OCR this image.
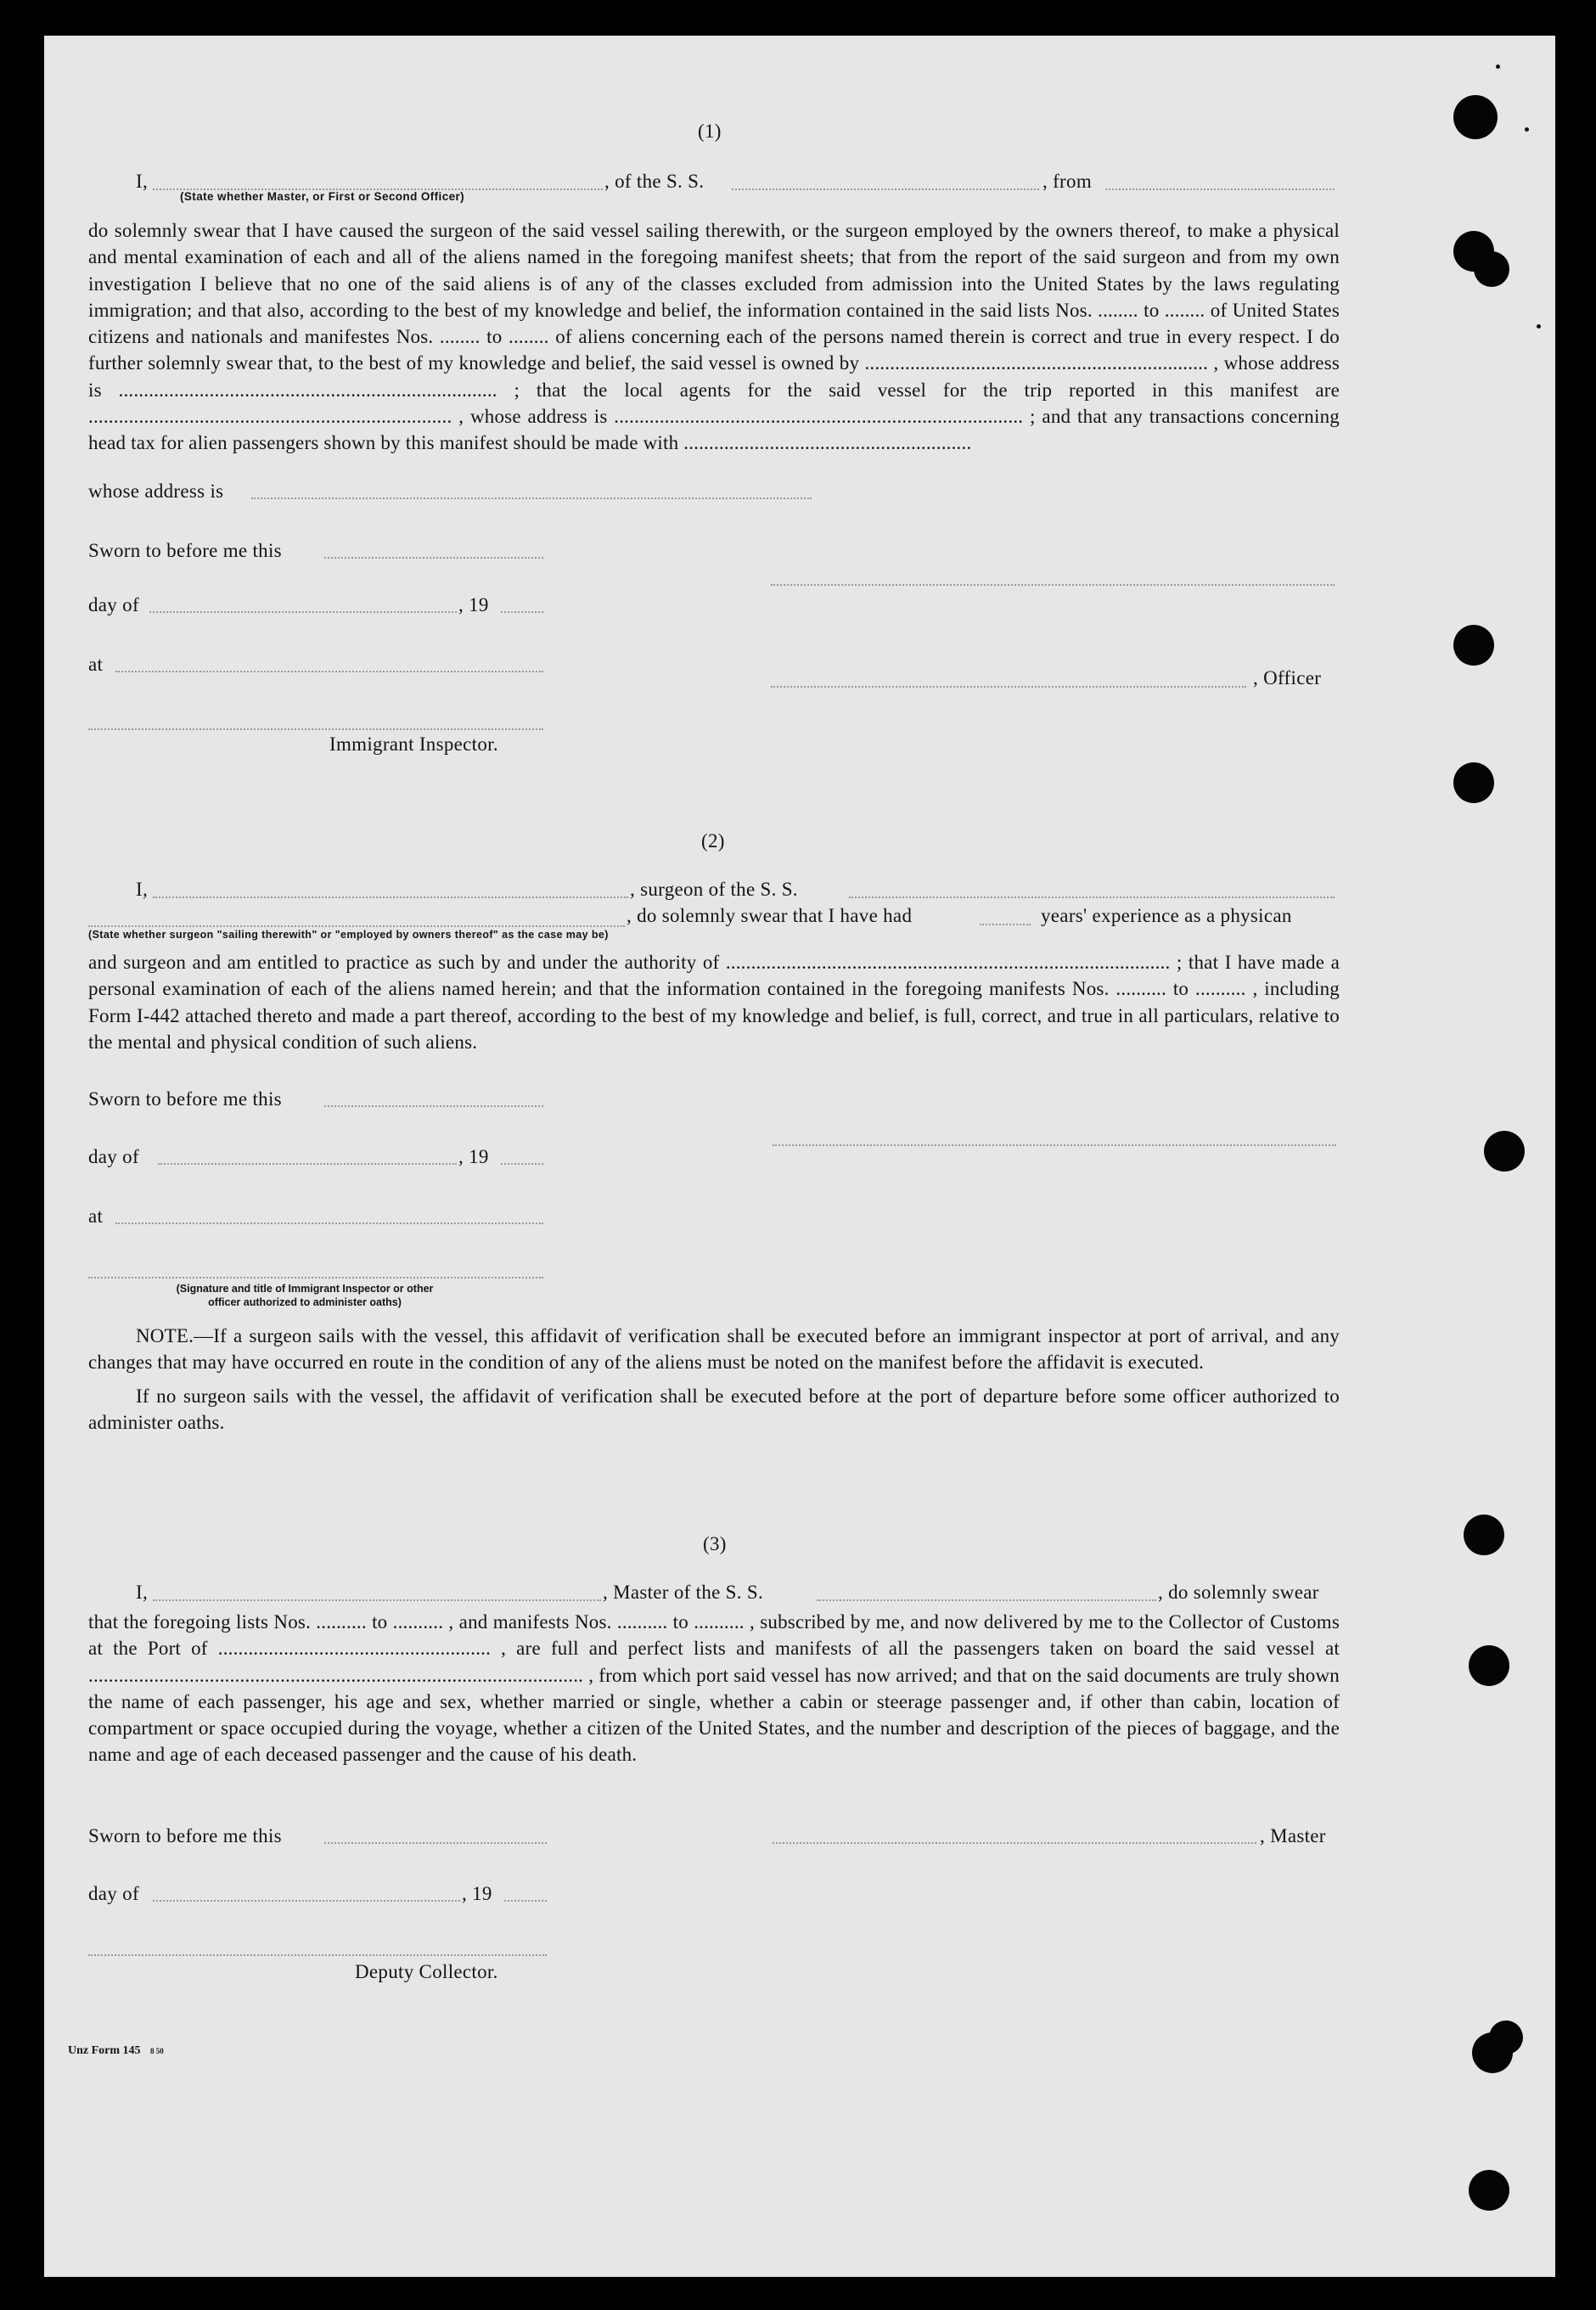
(1)
I,
(State whether Master, or First or Second Officer)
, of the S. S.	, from

do solemnly swear that I have caused the surgeon of the said vessel sailing therewith, or the surgeon employed by the owners thereof, to make a physical and mental examination of each and all of the aliens named in the foregoing manifest sheets; that from the report of the said surgeon and from my own investigation I believe that no one of the said aliens is of any of the classes excluded from admission into the United States by the laws regulating immigration; and that also, according to the best of my knowledge and belief, the information contained in the said lists Nos. ........ to ........ of United States citizens and nationals and manifestes Nos. ........ to ........ of aliens concerning each of the persons named therein is correct and true in every respect. I do further solemnly swear that, to the best of my knowledge and belief, the said vessel is owned by .................................................................... , whose address is ........................................................................... ; that the local agents for the said vessel for the trip reported in this manifest are ........................................................................ , whose address is ................................................................................. ; and that any transactions concerning head tax for alien passengers shown by this manifest should be made with .........................................................

whose address is
Sworn to before me this
day of	, 19
at
, Officer
Immigrant Inspector.
(2)
I,	, surgeon of the S. S.
, do solemnly swear that I have had	years' experience as a physican
(State whether surgeon "sailing therewith" or "employed by owners thereof" as the case may be)

and surgeon and am entitled to practice as such by and under the authority of ........................................................................................ ; that I have made a personal examination of each of the aliens named herein; and that the information contained in the foregoing manifests Nos. .......... to .......... , including Form I-442 attached thereto and made a part thereof, according to the best of my knowledge and belief, is full, correct, and true in all particulars, relative to the mental and physical condition of such aliens.

Sworn to before me this
day of	, 19
at
(Signature and title of Immigrant Inspector or other
officer authorized to administer oaths)

NOTE.—If a surgeon sails with the vessel, this affidavit of verification shall be executed before an immigrant inspector at port of arrival, and any changes that may have occurred en route in the condition of any of the aliens must be noted on the manifest before the affidavit is executed.

If no surgeon sails with the vessel, the affidavit of verification shall be executed before at the port of departure before some officer authorized to administer oaths.

(3)
I,	, Master of the S. S.	, do solemnly swear

that the foregoing lists Nos. .......... to .......... , and manifests Nos. .......... to .......... , subscribed by me, and now delivered by me to the Collector of Customs at the Port of ...................................................... , are full and perfect lists and manifests of all the passengers taken on board the said vessel at .................................................................................................. , from which port said vessel has now arrived; and that on the said documents are truly shown the name of each passenger, his age and sex, whether married or single, whether a cabin or steerage passenger and, if other than cabin, location of compartment or space occupied during the voyage, whether a citizen of the United States, and the number and description of the pieces of baggage, and the name and age of each deceased passenger and the cause of his death.

Sworn to before me this	, Master
day of	, 19
Deputy Collector.
Unz Form 145 8 50
